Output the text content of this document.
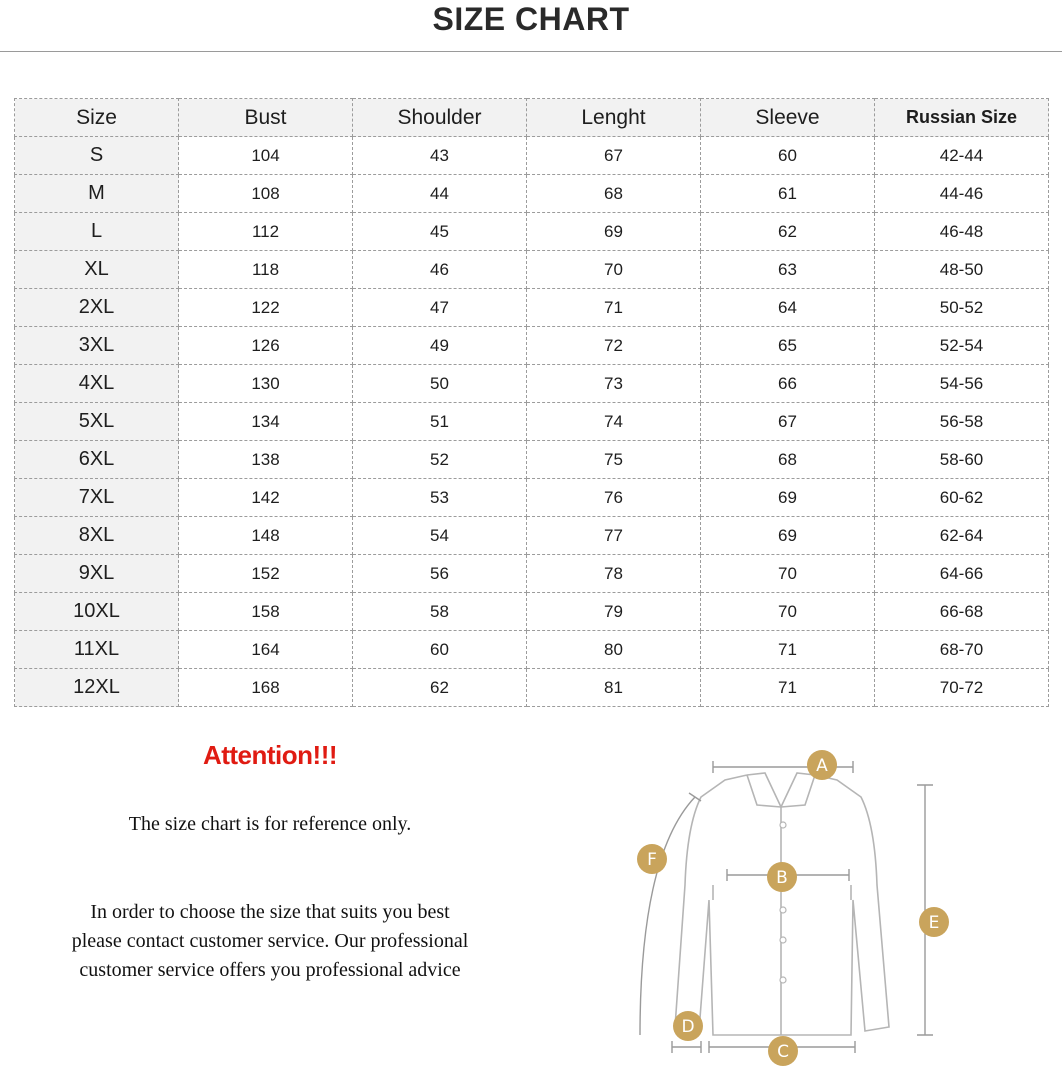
SIZE CHART
Size	Bust	Shoulder	Lenght	Sleeve	Russian Size
S	104	43	67	60	42-44
M	108	44	68	61	44-46
L	112	45	69	62	46-48
XL	118	46	70	63	48-50
2XL	122	47	71	64	50-52
3XL	126	49	72	65	52-54
4XL	130	50	73	66	54-56
5XL	134	51	74	67	56-58
6XL	138	52	75	68	58-60
7XL	142	53	76	69	60-62
8XL	148	54	77	69	62-64
9XL	152	56	78	70	64-66
10XL	158	58	79	70	66-68
11XL	164	60	80	71	68-70
12XL	168	62	81	71	70-72
Attention!!!
The size chart is for reference only.
In order to choose the size that suits you best
please contact customer service. Our professional
customer service offers you professional advice
A
B
C
D
E
F
